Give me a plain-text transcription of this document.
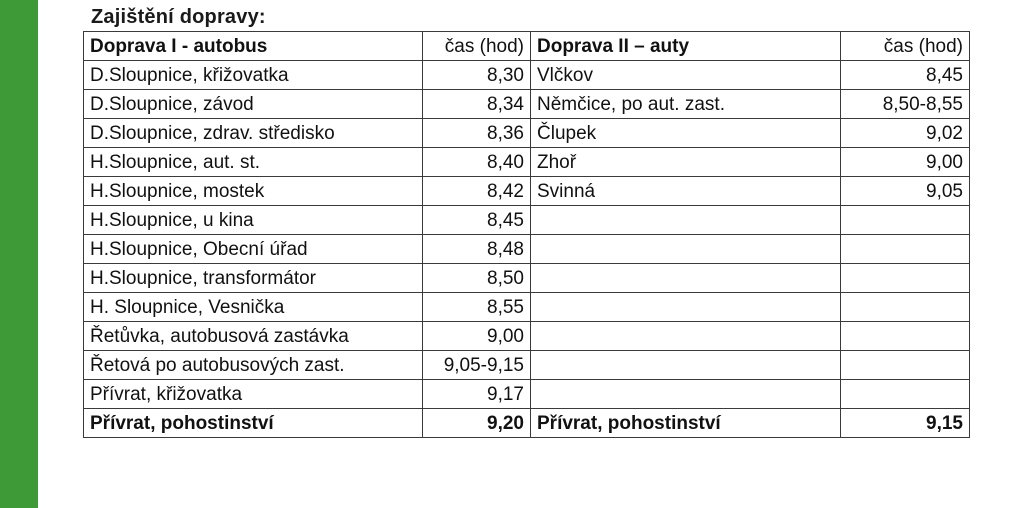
Zajištění dopravy:
Doprava I - autobus	čas (hod)	Doprava II – auty	čas (hod)
D.Sloupnice, křižovatka	8,30	Vlčkov	8,45
D.Sloupnice, závod	8,34	Němčice, po aut. zast.	8,50-8,55
D.Sloupnice, zdrav. středisko	8,36	Člupek	9,02
H.Sloupnice, aut. st.	8,40	Zhoř	9,00
H.Sloupnice, mostek	8,42	Svinná	9,05
H.Sloupnice, u kina	8,45		
H.Sloupnice, Obecní úřad	8,48		
H.Sloupnice, transformátor	8,50		
H. Sloupnice, Vesnička	8,55		
Řetůvka, autobusová zastávka	9,00		
Řetová po autobusových zast.	9,05-9,15		
Přívrat, křižovatka	9,17		
Přívrat, pohostinství	9,20	Přívrat, pohostinství	9,15
